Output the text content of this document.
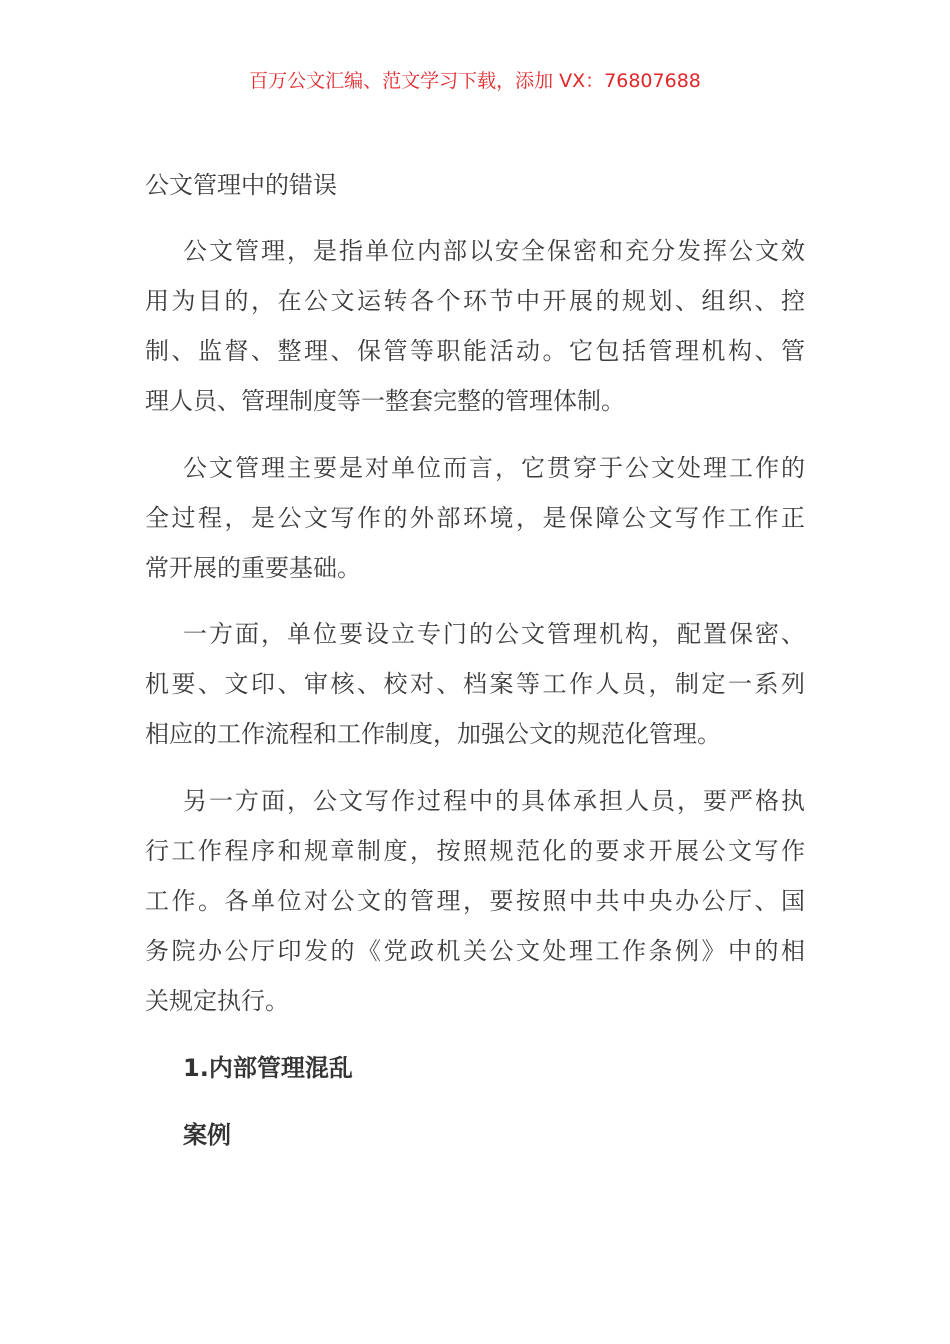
百万公文汇编、范文学习下载，添加 VX：76807688
公文管理中的错误
公文管理，是指单位内部以安全保密和充分发挥公文效
用为目的，在公文运转各个环节中开展的规划、组织、控
制、监督、整理、保管等职能活动。它包括管理机构、管
理人员、管理制度等一整套完整的管理体制。
公文管理主要是对单位而言，它贯穿于公文处理工作的
全过程，是公文写作的外部环境，是保障公文写作工作正
常开展的重要基础。
一方面，单位要设立专门的公文管理机构，配置保密、
机要、文印、审核、校对、档案等工作人员，制定一系列
相应的工作流程和工作制度，加强公文的规范化管理。
另一方面，公文写作过程中的具体承担人员，要严格执
行工作程序和规章制度，按照规范化的要求开展公文写作
工作。各单位对公文的管理，要按照中共中央办公厅、国
务院办公厅印发的《党政机关公文处理工作条例》中的相
关规定执行。
1.内部管理混乱
案例
